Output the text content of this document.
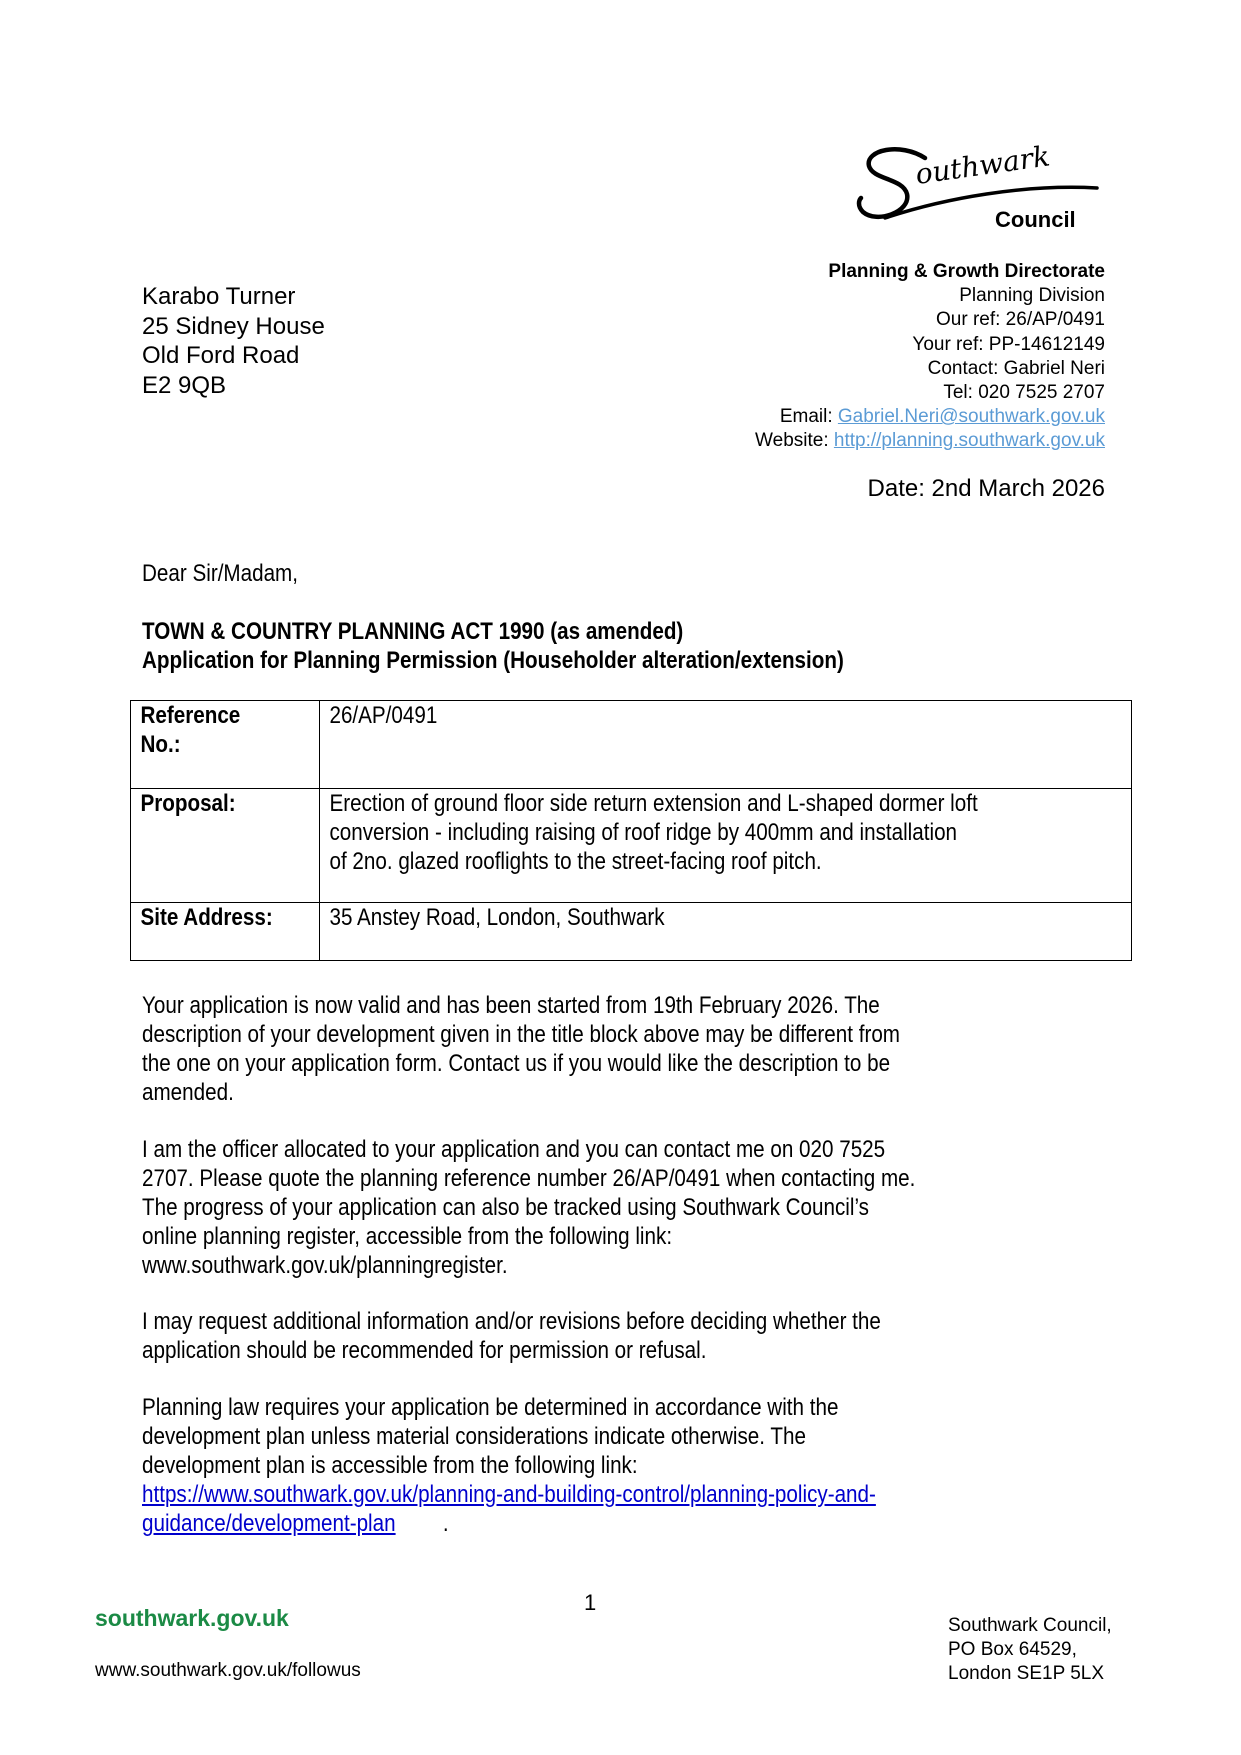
outhwark
Council
Planning & Growth Directorate
Planning Division
Our ref: 26/AP/0491
Your ref: PP-14612149
Contact: Gabriel Neri
Tel: 020 7525 2707
Email: Gabriel.Neri@southwark.gov.uk
Website: http://planning.southwark.gov.uk
Karabo Turner
25 Sidney House
Old Ford Road
E2 9QB
Date: 2nd March 2026
Dear Sir/Madam,
TOWN & COUNTRY PLANNING ACT 1990 (as amended)
Application for Planning Permission (Householder alteration/extension)
Reference
No.:	26/AP/0491

Proposal:	Erection of ground floor side return extension and L-shaped dormer loft
conversion - including raising of roof ridge by 400mm and installation
of 2no. glazed rooflights to the street-facing roof pitch.

Site Address:	35 Anstey Road, London, Southwark
Your application is now valid and has been started from 19th February 2026. The
description of your development given in the title block above may be different from
the one on your application form. Contact us if you would like the description to be
amended.
I am the officer allocated to your application and you can contact me on 020 7525
2707. Please quote the planning reference number 26/AP/0491 when contacting me.
The progress of your application can also be tracked using Southwark Council’s
online planning register, accessible from the following link:
www.southwark.gov.uk/planningregister.
I may request additional information and/or revisions before deciding whether the
application should be recommended for permission or refusal.
Planning law requires your application be determined in accordance with the
development plan unless material considerations indicate otherwise. The
development plan is accessible from the following link:
https://www.southwark.gov.uk/planning-and-building-control/planning-policy-and-
guidance/development-plan .
1
southwark.gov.uk
www.southwark.gov.uk/followus
Southwark Council,
PO Box 64529,
London SE1P 5LX
